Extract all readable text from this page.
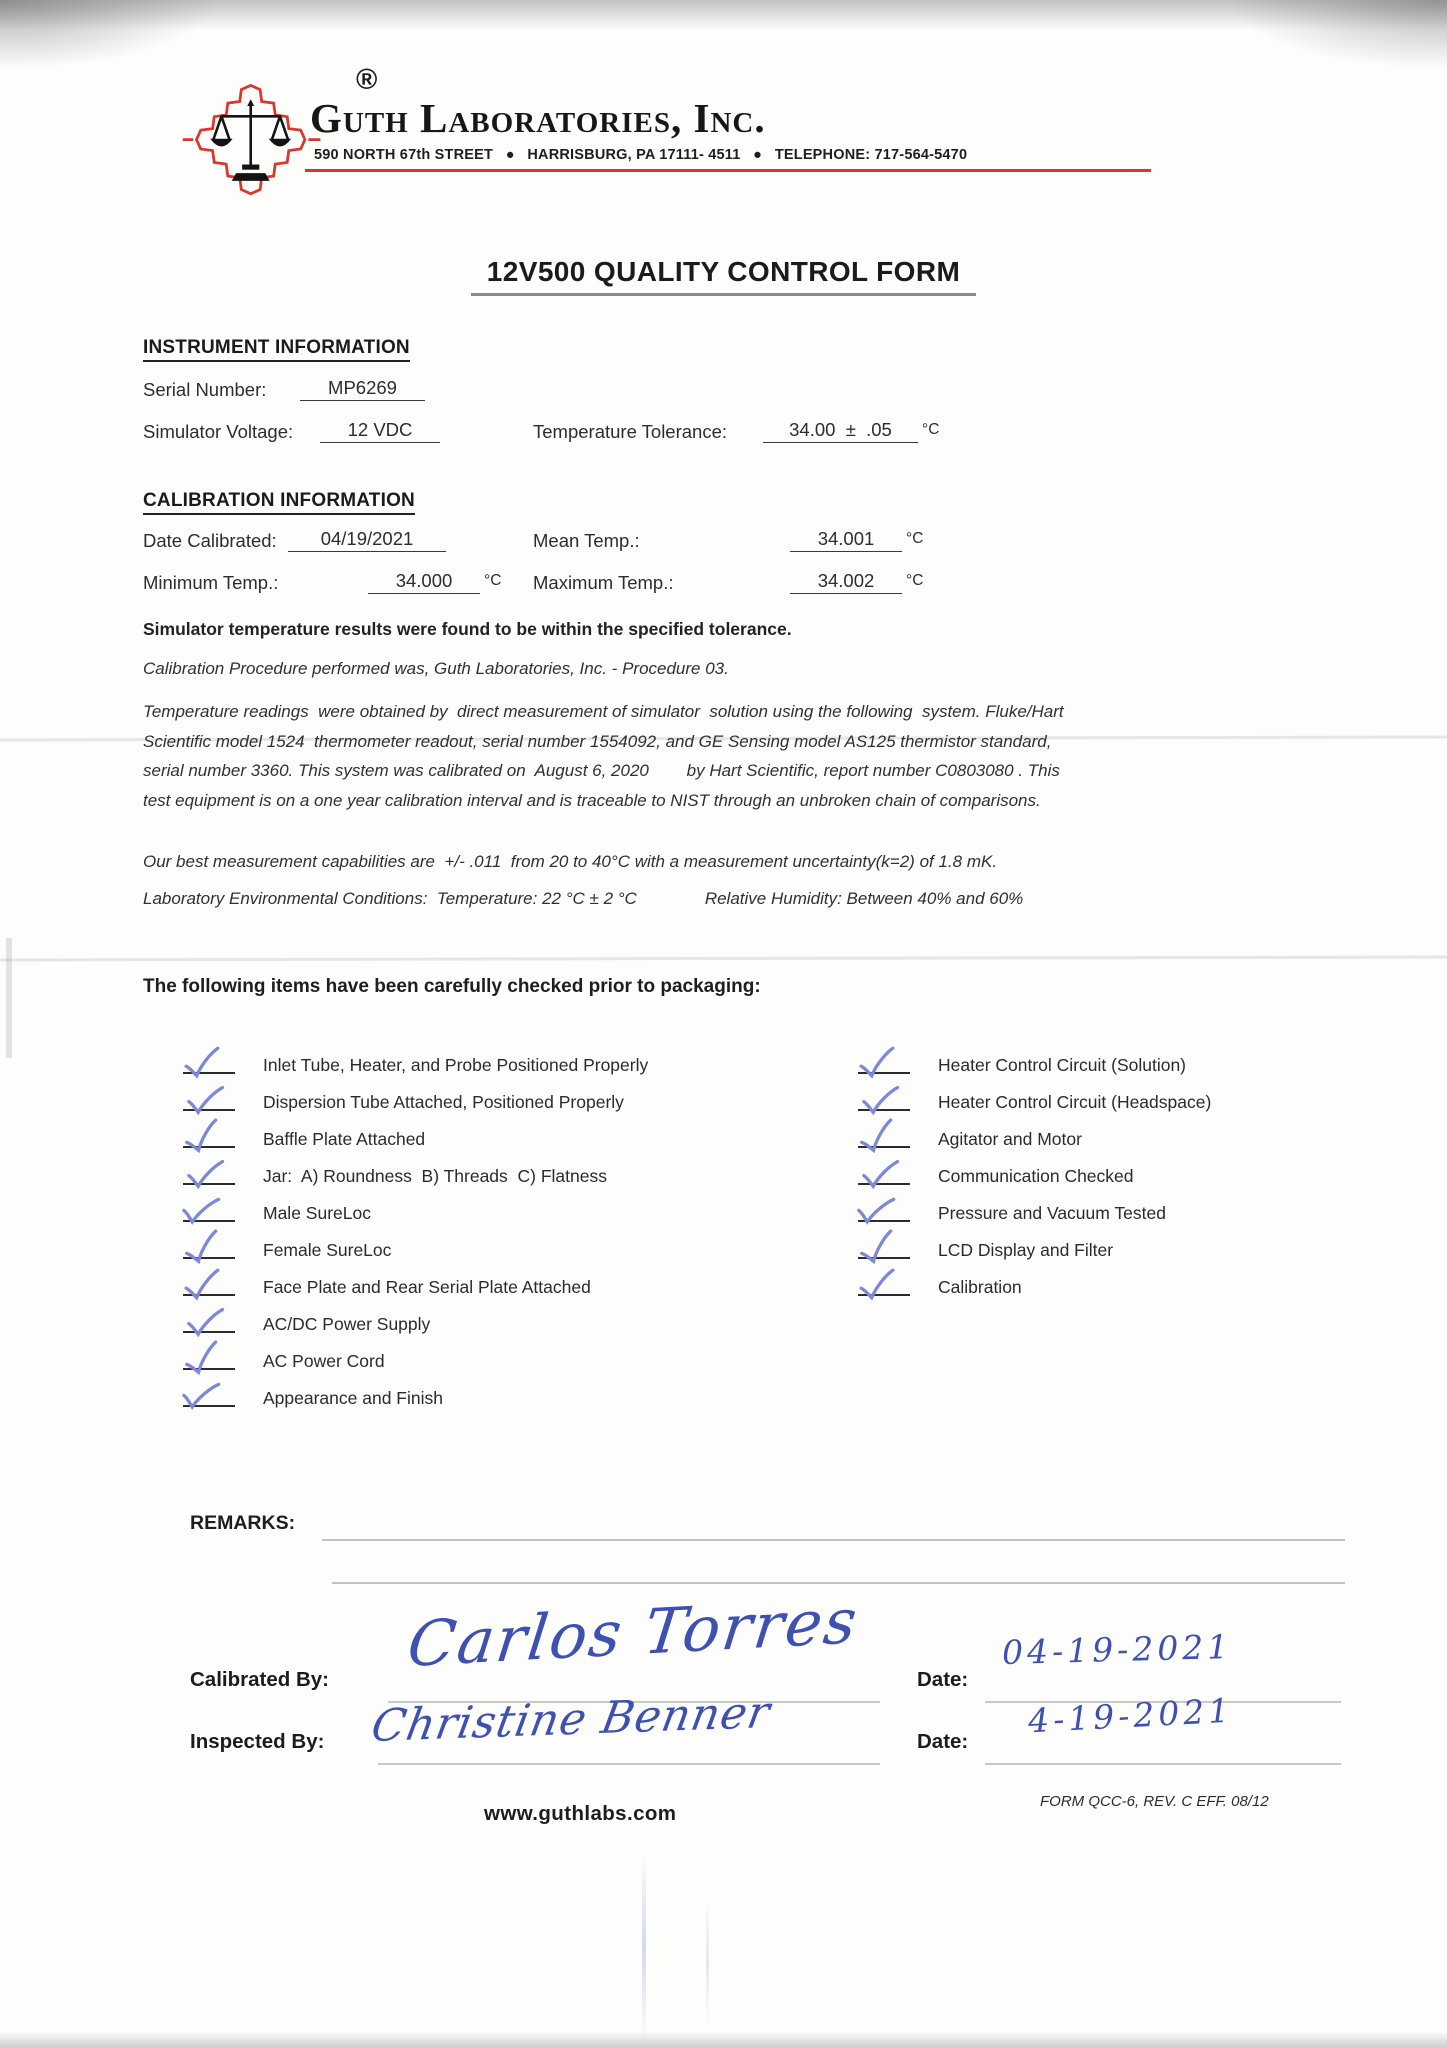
®
Guth Laboratories, Inc.
590 NORTH 67th STREET   ●   HARRISBURG, PA 17111- 4511   ●   TELEPHONE: 717-564-5470
12V500 QUALITY CONTROL FORM
INSTRUMENT INFORMATION
Serial Number:	MP6269
Simulator Voltage:	12 VDC	Temperature Tolerance:	34.00  ±  .05	°C
CALIBRATION INFORMATION
Date Calibrated:	04/19/2021	Mean Temp.:	34.001	°C
Minimum Temp.:	34.000	°C Maximum Temp.:	34.002	°C
Simulator temperature results were found to be within the specified tolerance.
Calibration Procedure performed was, Guth Laboratories, Inc. - Procedure 03.
Temperature readings  were obtained by  direct measurement of simulator  solution using the following  system. Fluke/Hart Scientific model 1524  thermometer readout, serial number 1554092, and GE Sensing model AS125 thermistor standard, serial number 3360. This system was calibrated on  August 6, 2020        by Hart Scientific, report number C0803080 . This test equipment is on a one year calibration interval and is traceable to NIST through an unbroken chain of comparisons.
Our best measurement capabilities are  +/- .011  from 20 to 40°C with a measurement uncertainty(k=2) of 1.8 mK.
Laboratory Environmental Conditions:  Temperature: 22 °C ± 2 °C	Relative Humidity: Between 40% and 60%
The following items have been carefully checked prior to packaging:
Inlet Tube, Heater, and Probe Positioned Properly
Dispersion Tube Attached, Positioned Properly
Baffle Plate Attached
Jar:  A) Roundness  B) Threads  C) Flatness
Male SureLoc
Female SureLoc
Face Plate and Rear Serial Plate Attached
AC/DC Power Supply
AC Power Cord
Appearance and Finish
Heater Control Circuit (Solution)
Heater Control Circuit (Headspace)
Agitator and Motor
Communication Checked
Pressure and Vacuum Tested
LCD Display and Filter
Calibration
REMARKS:
Calibrated By: Carlos Torres	Date:
04-19-2021
Inspected By: Christine Benner	Date:
4-19-2021
www.guthlabs.com
FORM QCC-6, REV. C EFF. 08/12
